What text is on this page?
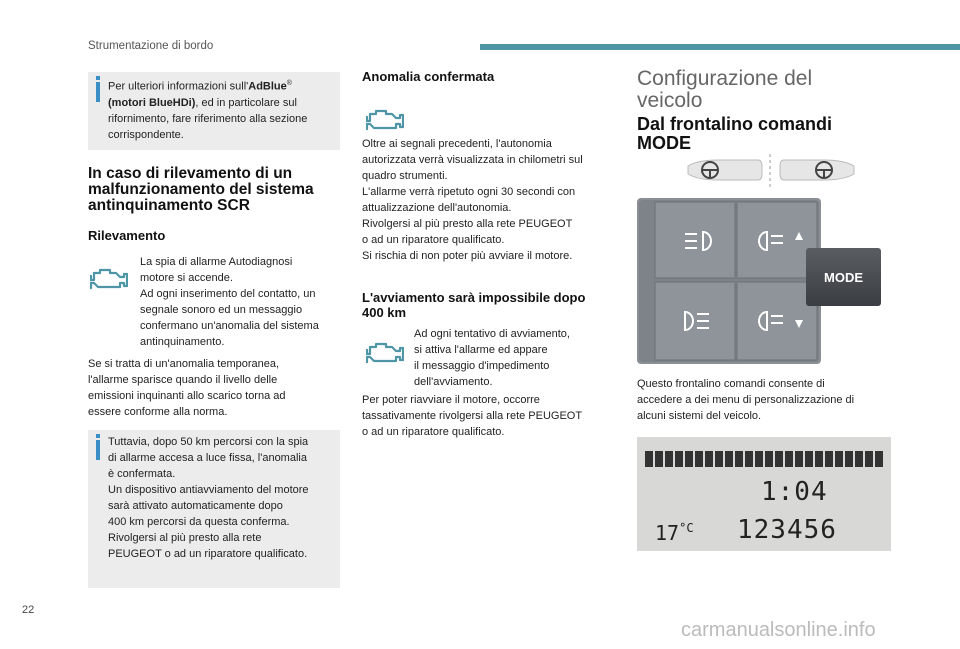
Strumentazione di bordo

Per ulteriori informazioni sull'AdBlue®
(motori BlueHDi), ed in particolare sul
rifornimento, fare riferimento alla sezione
corrispondente.

In caso di rilevamento di un
malfunzionamento del sistema
antinquinamento SCR
Rilevamento
La spia di allarme Autodiagnosi
motore si accende.
Ad ogni inserimento del contatto, un
segnale sonoro ed un messaggio
confermano un'anomalia del sistema
antinquinamento.
Se si tratta di un'anomalia temporanea,
l'allarme sparisce quando il livello delle
emissioni inquinanti allo scarico torna ad
essere conforme alla norma.

Tuttavia, dopo 50 km percorsi con la spia
di allarme accesa a luce fissa, l'anomalia
è confermata.
Un dispositivo antiavviamento del motore
sarà attivato automaticamente dopo
400 km percorsi da questa conferma.
Rivolgersi al più presto alla rete
PEUGEOT o ad un riparatore qualificato.

Anomalia confermata
Oltre ai segnali precedenti, l'autonomia
autorizzata verrà visualizzata in chilometri sul
quadro strumenti.
L'allarme verrà ripetuto ogni 30 secondi con
attualizzazione dell'autonomia.
Rivolgersi al più presto alla rete PEUGEOT
o ad un riparatore qualificato.
Si rischia di non poter più avviare il motore.
L'avviamento sarà impossibile dopo
400 km
Ad ogni tentativo di avviamento,
si attiva l'allarme ed appare
il messaggio d'impedimento
dell'avviamento.
Per poter riavviare il motore, occorre
tassativamente rivolgersi alla rete PEUGEOT
o ad un riparatore qualificato.
Configurazione del
veicolo
Dal frontalino comandi
MODE
MODE
Questo frontalino comandi consente di
accedere a dei menu di personalizzazione di
alcuni sistemi del veicolo.
1:04
$17^{^\circ C}$ 123456
22
carmanualsonline.info
